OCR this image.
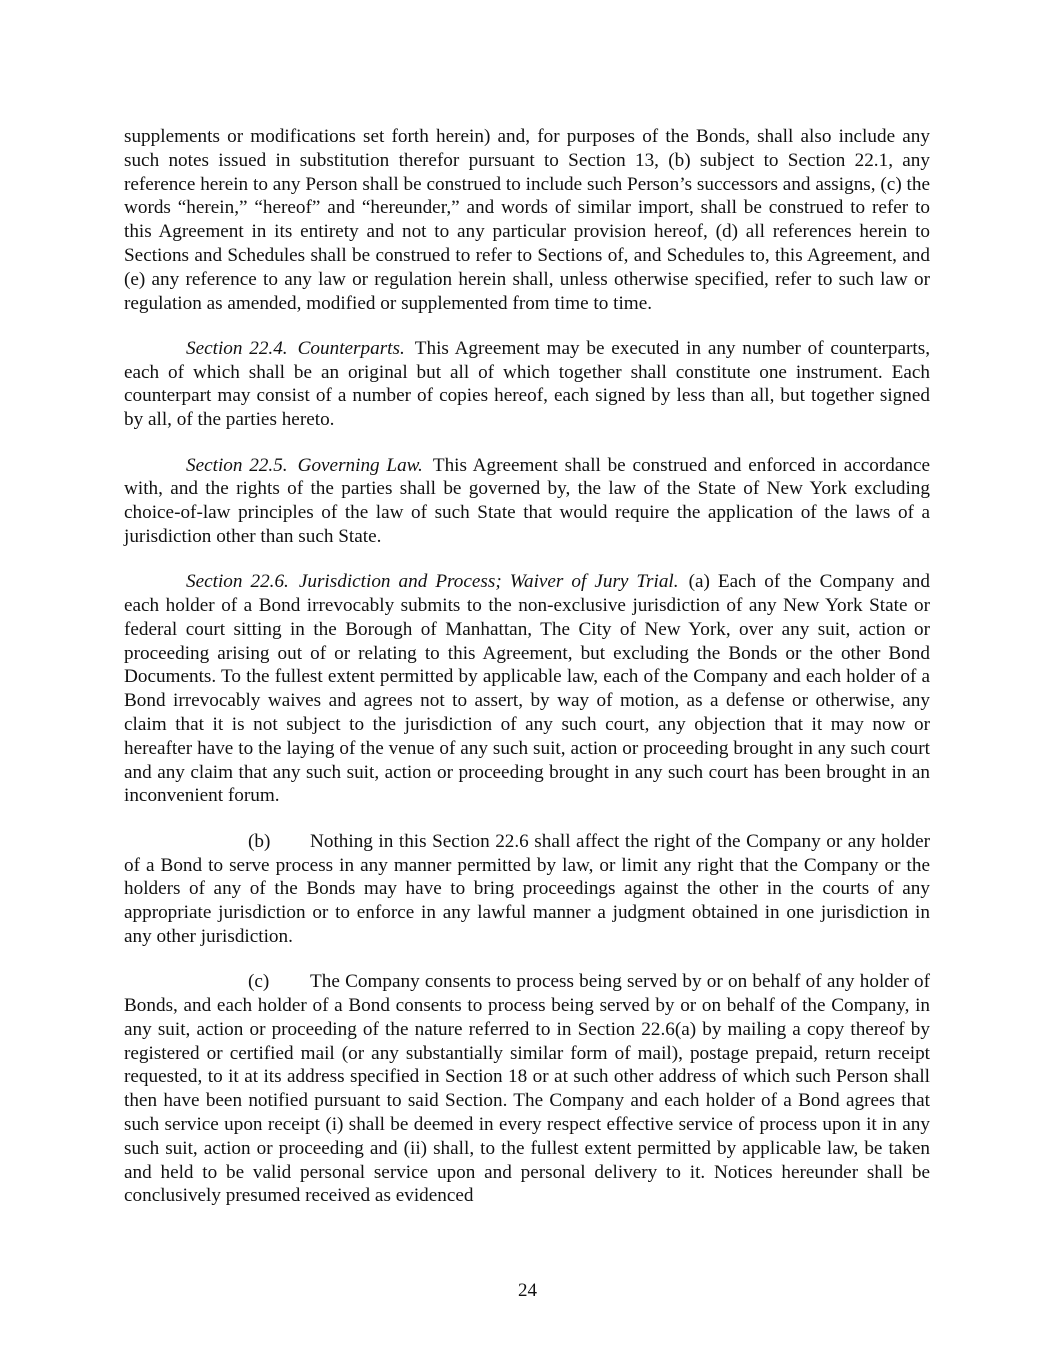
supplements or modifications set forth herein) and, for purposes of the Bonds, shall also include any such notes issued in substitution therefor pursuant to Section 13, (b) subject to Section 22.1, any reference herein to any Person shall be construed to include such Person’s successors and assigns, (c) the words “herein,” “hereof” and “hereunder,” and words of similar import, shall be construed to refer to this Agreement in its entirety and not to any particular provision hereof, (d) all references herein to Sections and Schedules shall be construed to refer to Sections of, and Schedules to, this Agreement, and (e) any reference to any law or regulation herein shall, unless otherwise specified, refer to such law or regulation as amended, modified or supplemented from time to time.

Section 22.4. Counterparts. This Agreement may be executed in any number of counterparts, each of which shall be an original but all of which together shall constitute one instrument. Each counterpart may consist of a number of copies hereof, each signed by less than all, but together signed by all, of the parties hereto.

Section 22.5. Governing Law. This Agreement shall be construed and enforced in accordance with, and the rights of the parties shall be governed by, the law of the State of New York excluding choice-of-law principles of the law of such State that would require the application of the laws of a jurisdiction other than such State.

Section 22.6. Jurisdiction and Process; Waiver of Jury Trial. (a) Each of the Company and each holder of a Bond irrevocably submits to the non-exclusive jurisdiction of any New York State or federal court sitting in the Borough of Manhattan, The City of New York, over any suit, action or proceeding arising out of or relating to this Agreement, but excluding the Bonds or the other Bond Documents. To the fullest extent permitted by applicable law, each of the Company and each holder of a Bond irrevocably waives and agrees not to assert, by way of motion, as a defense or otherwise, any claim that it is not subject to the jurisdiction of any such court, any objection that it may now or hereafter have to the laying of the venue of any such suit, action or proceeding brought in any such court and any claim that any such suit, action or proceeding brought in any such court has been brought in an inconvenient forum.

(b) Nothing in this Section 22.6 shall affect the right of the Company or any holder of a Bond to serve process in any manner permitted by law, or limit any right that the Company or the holders of any of the Bonds may have to bring proceedings against the other in the courts of any appropriate jurisdiction or to enforce in any lawful manner a judgment obtained in one jurisdiction in any other jurisdiction.

(c) The Company consents to process being served by or on behalf of any holder of Bonds, and each holder of a Bond consents to process being served by or on behalf of the Company, in any suit, action or proceeding of the nature referred to in Section 22.6(a) by mailing a copy thereof by registered or certified mail (or any substantially similar form of mail), postage prepaid, return receipt requested, to it at its address specified in Section 18 or at such other address of which such Person shall then have been notified pursuant to said Section. The Company and each holder of a Bond agrees that such service upon receipt (i) shall be deemed in every respect effective service of process upon it in any such suit, action or proceeding and (ii) shall, to the fullest extent permitted by applicable law, be taken and held to be valid personal service upon and personal delivery to it. Notices hereunder shall be conclusively presumed received as evidenced

24
